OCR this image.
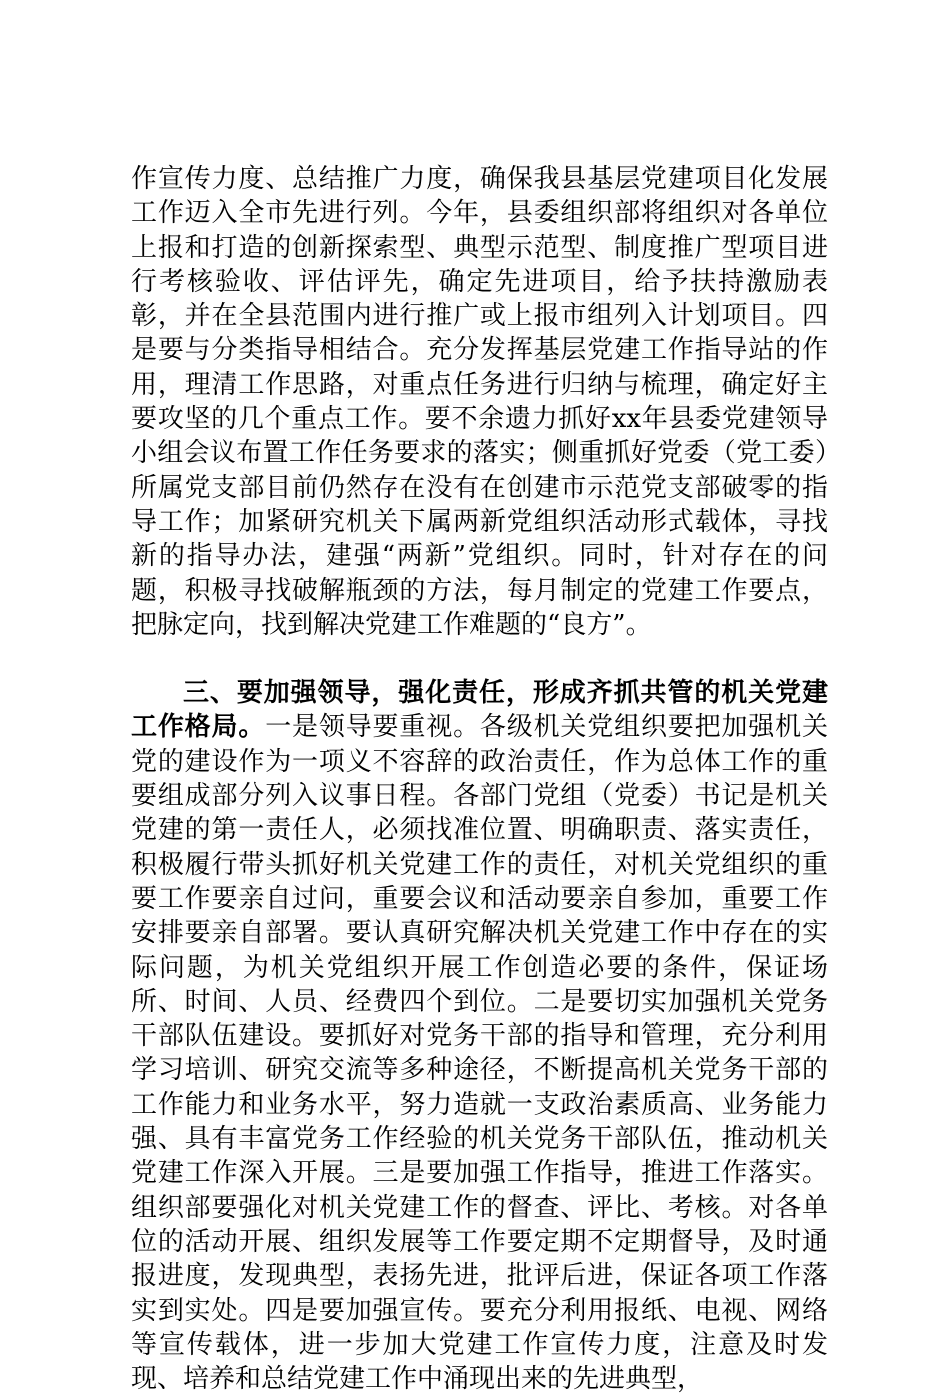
作宣传力度、总结推广力度，确保我县基层党建项目化发展工作迈入全市先进行列。今年，县委组织部将组织对各单位上报和打造的创新探索型、典型示范型、制度推广型项目进行考核验收、评估评先，确定先进项目，给予扶持激励表彰，并在全县范围内进行推广或上报市组列入计划项目。四是要与分类指导相结合。充分发挥基层党建工作指导站的作用，理清工作思路，对重点任务进行归纳与梳理，确定好主要攻坚的几个重点工作。要不余遗力抓好xx年县委党建领导小组会议布置工作任务要求的落实；侧重抓好党委（党工委）所属党支部目前仍然存在没有在创建市示范党支部破零的指导工作；加紧研究机关下属两新党组织活动形式载体，寻找新的指导办法，建强“两新”党组织。同时，针对存在的问题，积极寻找破解瓶颈的方法，每月制定的党建工作要点，把脉定向，找到解决党建工作难题的“良方”。

三、要加强领导，强化责任，形成齐抓共管的机关党建工作格局。一是领导要重视。各级机关党组织要把加强机关党的建设作为一项义不容辞的政治责任，作为总体工作的重要组成部分列入议事日程。各部门党组（党委）书记是机关党建的第一责任人，必须找准位置、明确职责、落实责任，积极履行带头抓好机关党建工作的责任，对机关党组织的重要工作要亲自过问，重要会议和活动要亲自参加，重要工作安排要亲自部署。要认真研究解决机关党建工作中存在的实际问题，为机关党组织开展工作创造必要的条件，保证场所、时间、人员、经费四个到位。二是要切实加强机关党务干部队伍建设。要抓好对党务干部的指导和管理，充分利用学习培训、研究交流等多种途径，不断提高机关党务干部的工作能力和业务水平，努力造就一支政治素质高、业务能力强、具有丰富党务工作经验的机关党务干部队伍，推动机关党建工作深入开展。三是要加强工作指导，推进工作落实。组织部要强化对机关党建工作的督查、评比、考核。对各单位的活动开展、组织发展等工作要定期不定期督导，及时通报进度，发现典型，表扬先进，批评后进，保证各项工作落实到实处。四是要加强宣传。要充分利用报纸、电视、网络等宣传载体，进一步加大党建工作宣传力度，注意及时发现、培养和总结党建工作中涌现出来的先进典型，
